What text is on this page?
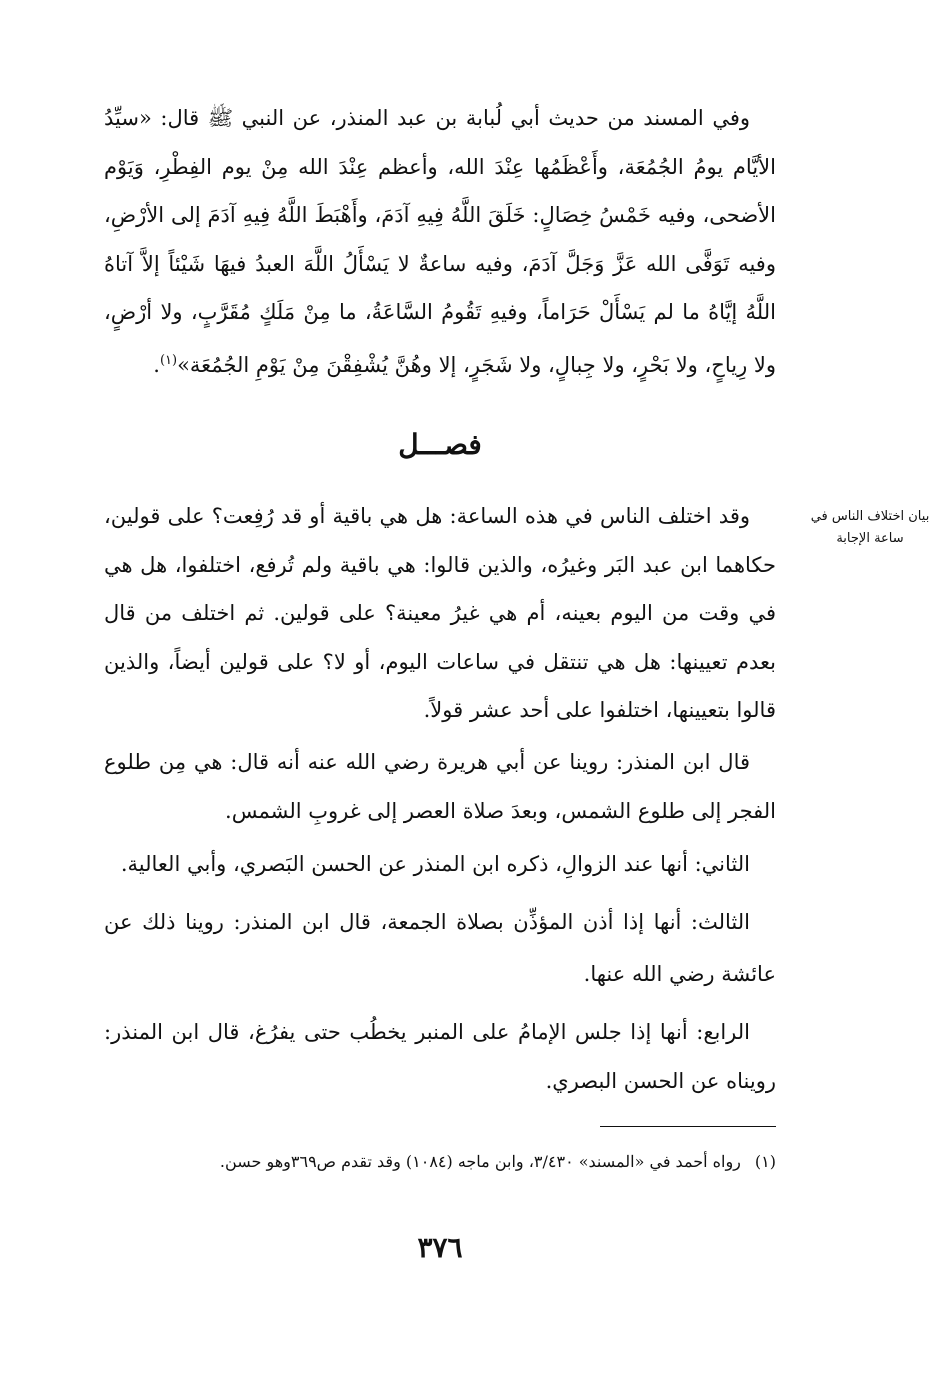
وفي المسند من حديث أبي لُبابة بن عبد المنذر، عن النبي ﷺ قال: «سيِّدُ الأيَّام يومُ الجُمُعَة، وأَعْظَمُها عِنْدَ الله، وأعظم عِنْدَ الله مِنْ يوم الفِطْرِ، وَيَوْم الأضحى، وفيه خَمْسُ خِصَالٍ: خَلَقَ اللَّهُ فِيهِ آدَمَ، وأَهْبَطَ اللَّهُ فِيهِ آدَمَ إلى الأرْضِ، وفيه تَوَفَّى الله عَزَّ وَجَلَّ آدَمَ، وفيه ساعةٌ لا يَسْأَلُ اللَّهَ العبدُ فيهَا شَيْئاً إلاَّ آتاهُ اللَّهُ إيَّاهُ ما لم يَسْأَلْ حَرَاماً، وفيهِ تَقُومُ السَّاعَةُ، ما مِنْ مَلَكٍ مُقَرَّبٍ، ولا أرْضٍ، ولا رِياحٍ، ولا بَحْرٍ، ولا جِبالٍ، ولا شَجَرٍ، إلا وهُنَّ يُشْفِقْنَ مِنْ يَوْمِ الجُمُعَة»$^{(١)}$.

فصـــل
بيان اختلاف الناس في
ساعة الإجابة

وقد اختلف الناس في هذه الساعة: هل هي باقية أو قد رُفِعت؟ على قولين، حكاهما ابن عبد البَر وغيرُه، والذين قالوا: هي باقية ولم تُرفع، اختلفوا، هل هي في وقت من اليوم بعينه، أم هي غيرُ معينة؟ على قولين. ثم اختلف من قال بعدم تعيينها: هل هي تنتقل في ساعات اليوم، أو لا؟ على قولين أيضاً، والذين قالوا بتعيينها، اختلفوا على أحد عشر قولاً.

قال ابن المنذر: روينا عن أبي هريرة رضي الله عنه أنه قال: هي مِن طلوع الفجر إلى طلوع الشمس، وبعدَ صلاة العصر إلى غروبِ الشمس.

الثاني: أنها عند الزوالِ، ذكره ابن المنذر عن الحسن البَصري، وأبي العالية.

الثالث: أنها إذا أذن المؤذِّن بصلاة الجمعة، قال ابن المنذر: روينا ذلك عن عائشة رضي الله عنها.

الرابع: أنها إذا جلس الإمامُ على المنبر يخطُب حتى يفرُغ، قال ابن المنذر: رويناه عن الحسن البصري.

(١)رواه أحمد في «المسند» ٣/٤٣٠، وابن ماجه (١٠٨٤) وقد تقدم ص٣٦٩وهو حسن.
٣٧٦
